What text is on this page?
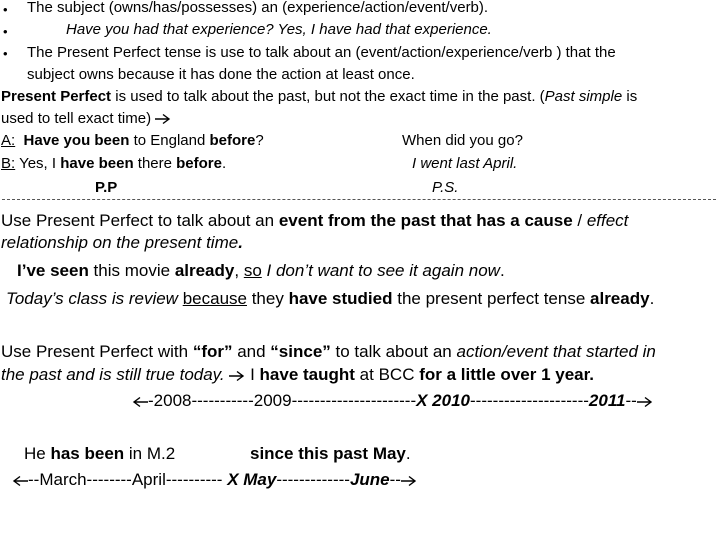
• The subject (owns/has/possesses) an (experience/action/event/verb).
•	Have you had that experience? Yes, I have had that experience.
• The Present Perfect tense is use to talk about an (event/action/experience/verb ) that the
subject owns because it has done the action at least once.
Present Perfect is used to talk about the past, but not the exact time in the past. (Past simple is
used to tell exact time)
A: Have you been to England before?	When did you go?
B: Yes, I have been there before.	I went last April.
P.P	P.S.
Use Present Perfect to talk about an event from the past that has a cause / effect
relationship on the present time.
I’ve seen this movie already, so I don’t want to see it again now.
Today’s class is review because they have studied the present perfect tense already.
Use Present Perfect with “for” and “since” to talk about an action/event that started in
the past and is still true today.  I have taught at BCC for a little over 1 year.
-2008-----------2009----------------------X 2010---------------------2011--
He has been in M.2	since this past May.
--March--------April---------- X May-------------June--
